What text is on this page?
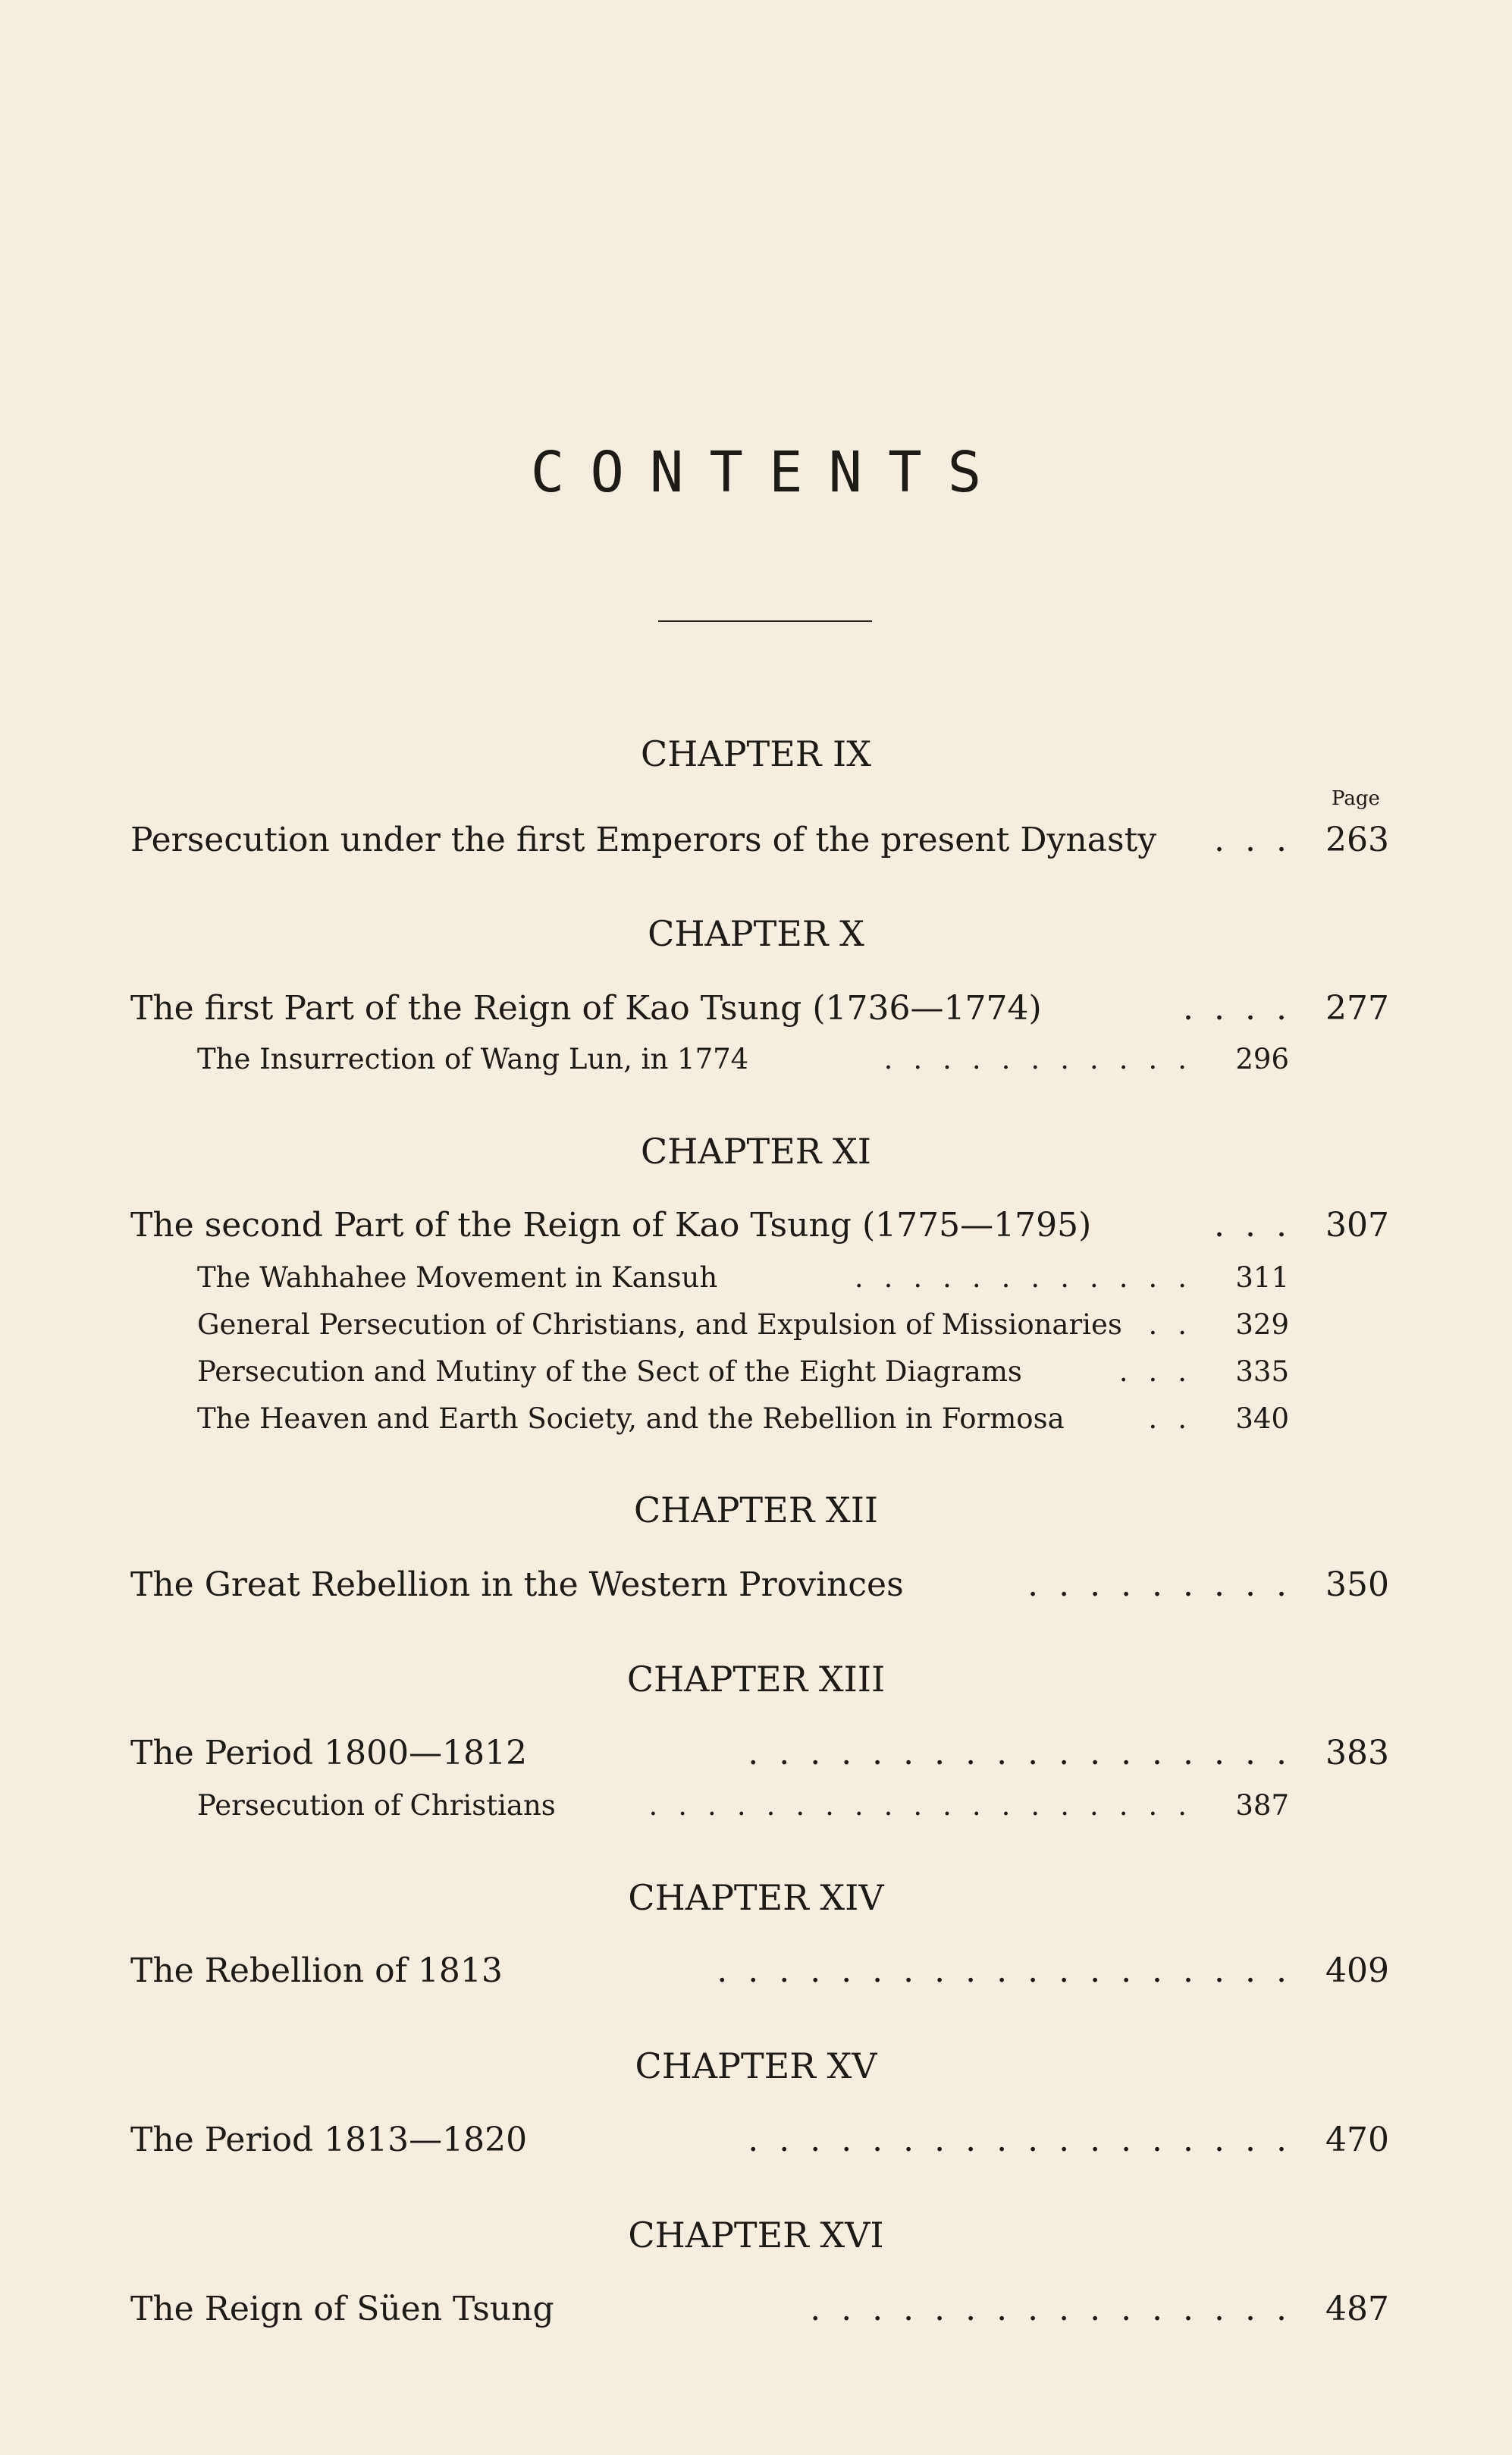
CONTENTS
CHAPTER IX
Page
Persecution under the first Emperors of the present Dynasty	... 263
CHAPTER X
The first Part of the Reign of Kao Tsung (1736—1774)	.... 277
The Insurrection of Wang Lun, in 1774	...........	296
CHAPTER XI
The second Part of the Reign of Kao Tsung (1775—1795)	... 307
The Wahhahee Movement in Kansuh	............	311
General Persecution of Christians, and Expulsion of Missionaries ..	329
Persecution and Mutiny of the Sect of the Eight Diagrams	...	335
The Heaven and Earth Society, and the Rebellion in Formosa	..	340
CHAPTER XII
The Great Rebellion in the Western Provinces	......... 350
CHAPTER XIII
The Period 1800—1812	.................. 383
Persecution of Christians	...................	387
CHAPTER XIV
The Rebellion of 1813	................... 409
CHAPTER XV
The Period 1813—1820	.................. 470
CHAPTER XVI
The Reign of Süen Tsung	................ 487
